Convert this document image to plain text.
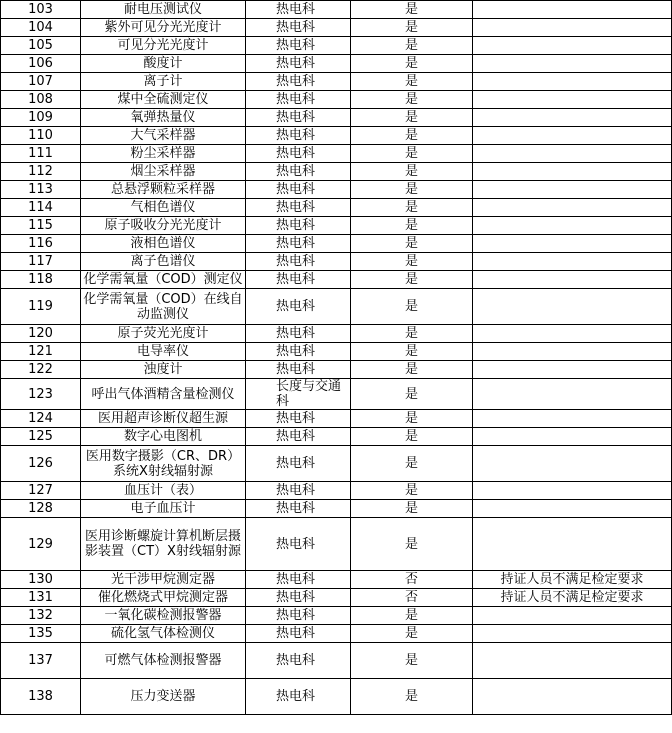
103	耐电压测试仪	热电科	是	
104	紫外可见分光光度计	热电科	是	
105	可见分光光度计	热电科	是	
106	酸度计	热电科	是	
107	离子计	热电科	是	
108	煤中全硫测定仪	热电科	是	
109	氧弹热量仪	热电科	是	
110	大气采样器	热电科	是	
111	粉尘采样器	热电科	是	
112	烟尘采样器	热电科	是	
113	总悬浮颗粒采样器	热电科	是	
114	气相色谱仪	热电科	是	
115	原子吸收分光光度计	热电科	是	
116	液相色谱仪	热电科	是	
117	离子色谱仪	热电科	是	
118	化学需氧量（COD）测定仪	热电科	是	
119	化学需氧量（COD）在线自动监测仪	热电科	是	
120	原子荧光光度计	热电科	是	
121	电导率仪	热电科	是	
122	浊度计	热电科	是	
123	呼出气体酒精含量检测仪	长度与交通科	是	
124	医用超声诊断仪超生源	热电科	是	
125	数字心电图机	热电科	是	
126	医用数字摄影（CR、DR）系统X射线辐射源	热电科	是	
127	血压计（表）	热电科	是	
128	电子血压计	热电科	是	
129	医用诊断螺旋计算机断层摄影装置（CT）X射线辐射源	热电科	是	
130	光干涉甲烷测定器	热电科	否	持证人员不满足检定要求
131	催化燃烧式甲烷测定器	热电科	否	持证人员不满足检定要求
132	一氧化碳检测报警器	热电科	是	
135	硫化氢气体检测仪	热电科	是	
137	可燃气体检测报警器	热电科	是	
138	压力变送器	热电科	是	
